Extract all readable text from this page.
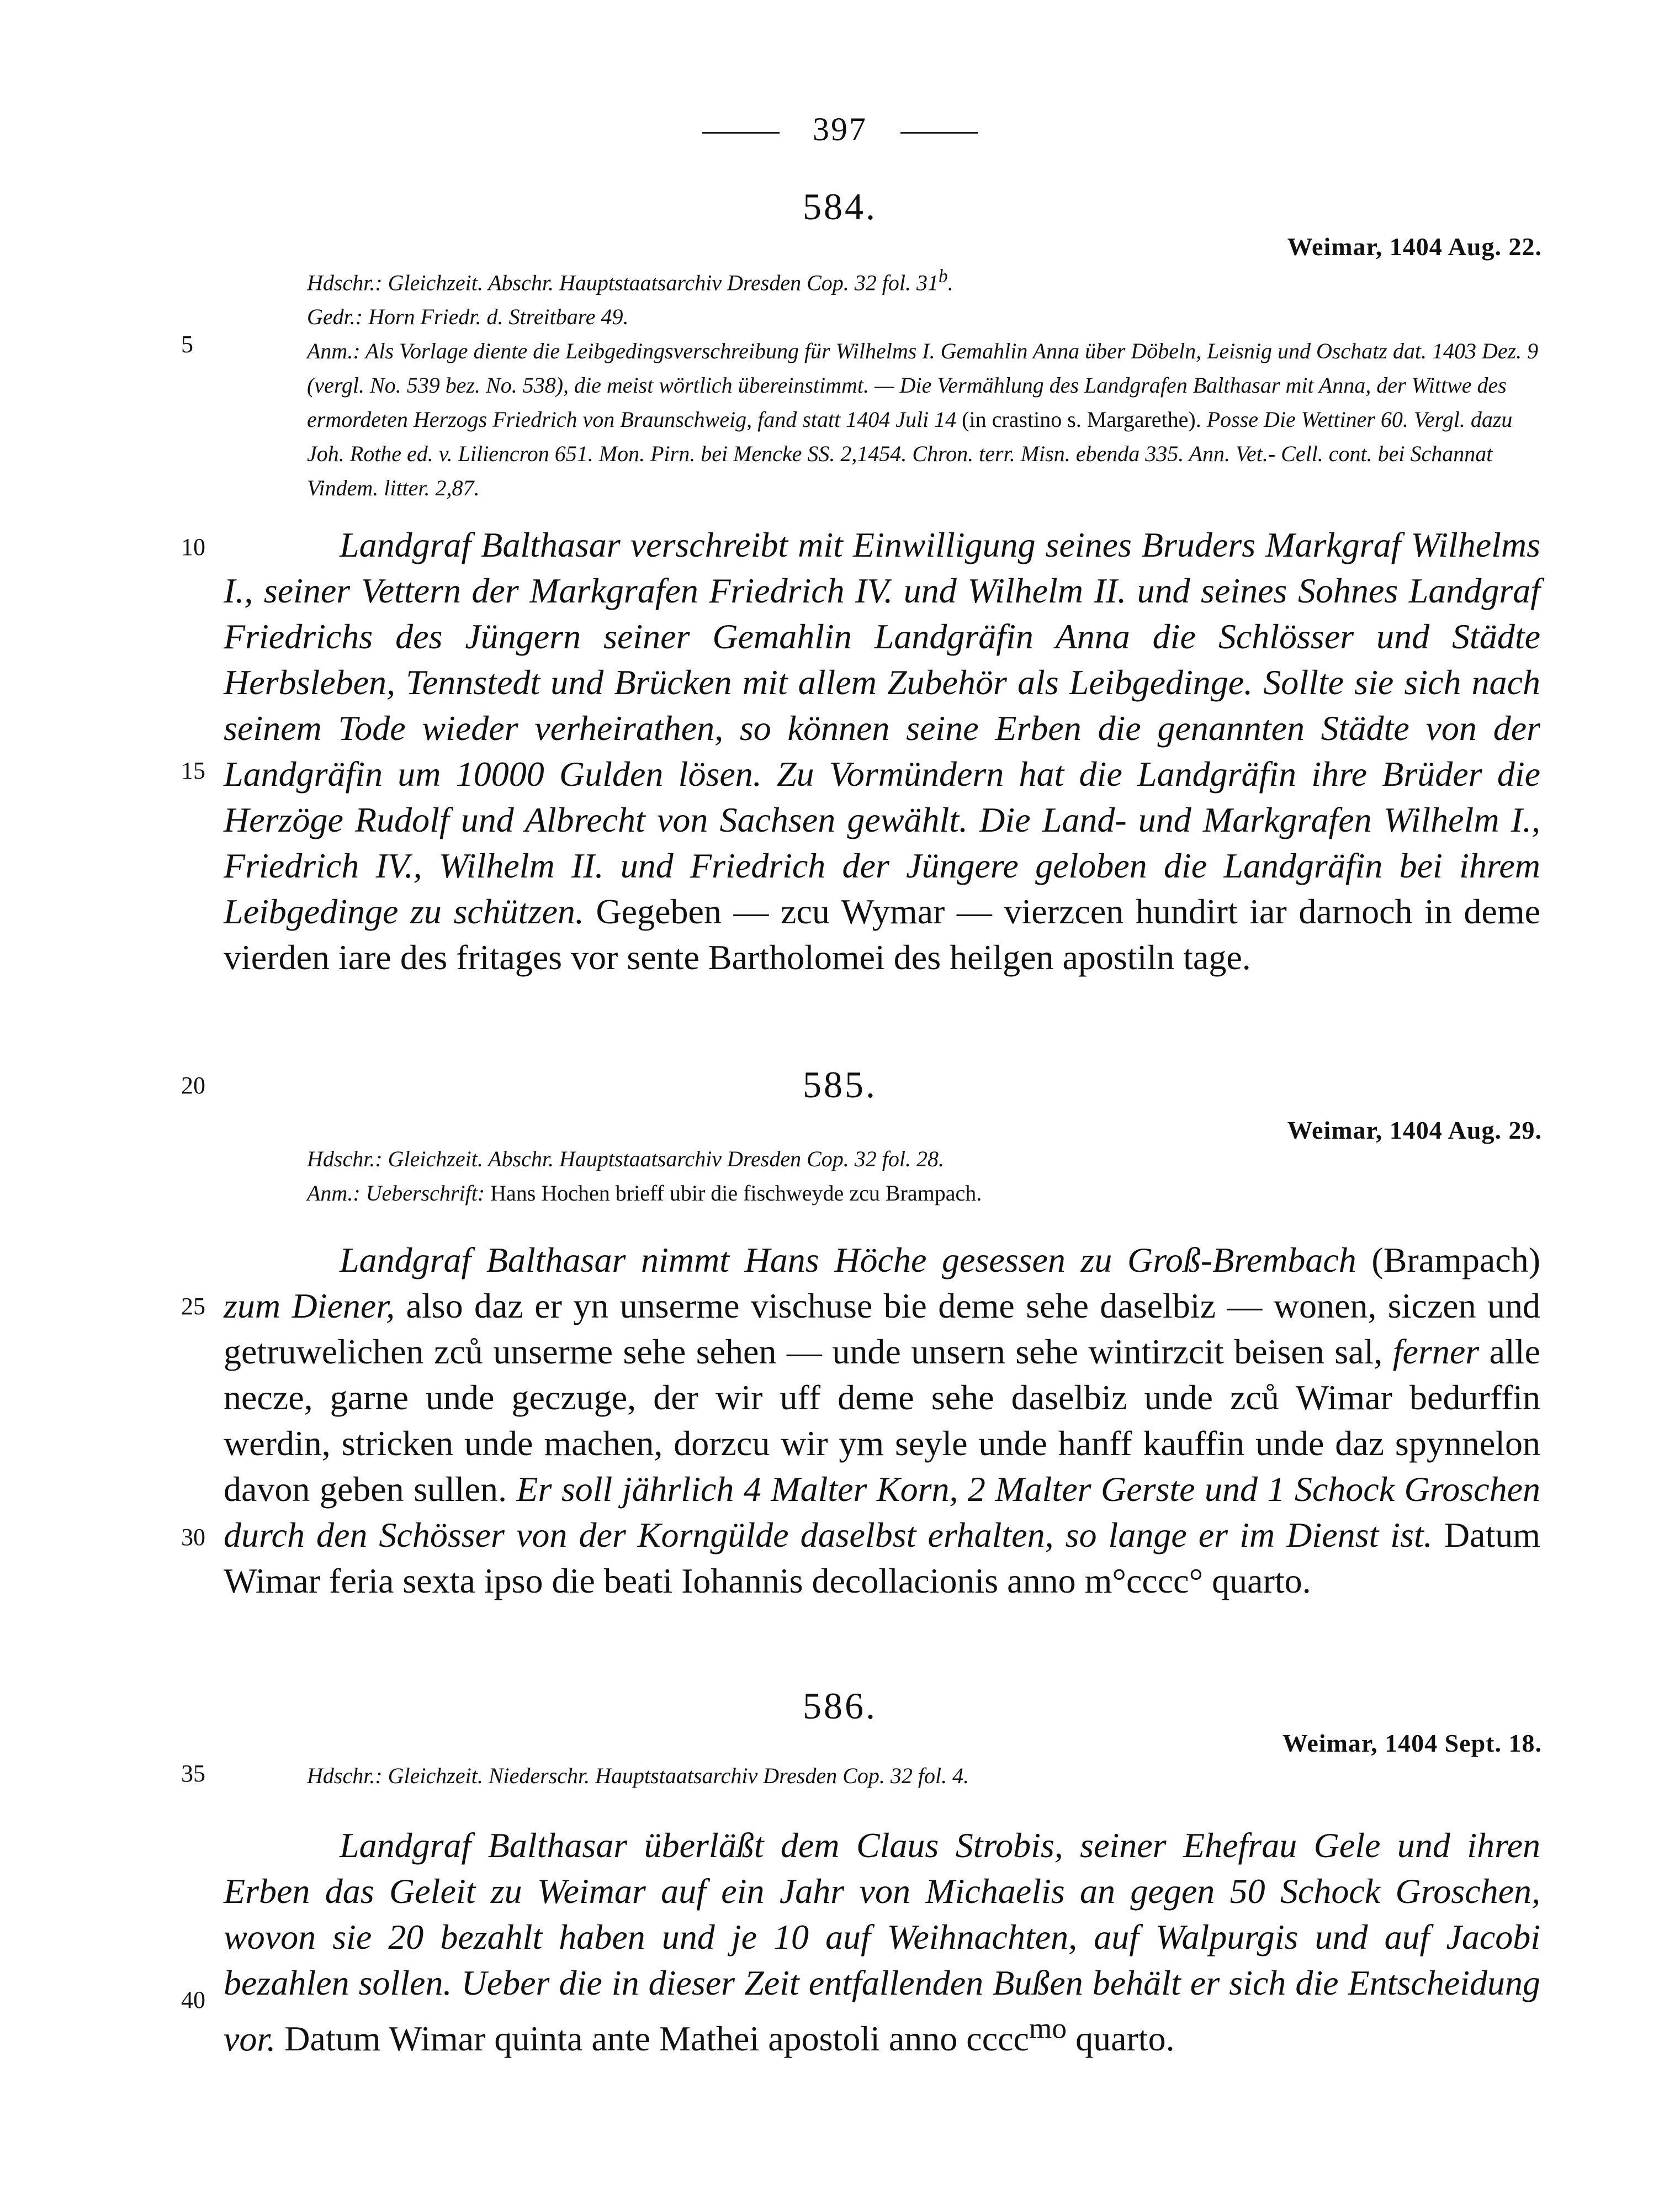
397
5
10
15
20
25
30
35
40
584.
Weimar, 1404 Aug. 22.
Hdschr.: Gleichzeit. Abschr. Hauptstaatsarchiv Dresden Cop. 32 fol. 31$^b$.
Gedr.: Horn Friedr. d. Streitbare 49.
Anm.: Als Vorlage diente die Leibgedingsverschreibung für Wilhelms I. Gemahlin Anna über Döbeln, Leisnig und Oschatz dat. 1403 Dez. 9 (vergl. No. 539 bez. No. 538), die meist wörtlich übereinstimmt. — Die Vermählung des Landgrafen Balthasar mit Anna, der Wittwe des ermordeten Herzogs Friedrich von Braunschweig, fand statt 1404 Juli 14 (in crastino s. Margarethe). Posse Die Wettiner 60. Vergl. dazu Joh. Rothe ed. v. Liliencron 651. Mon. Pirn. bei Mencke SS. 2,1454. Chron. terr. Misn. ebenda 335. Ann. Vet.- Cell. cont. bei Schannat Vindem. litter. 2,87.
Landgraf Balthasar verschreibt mit Einwilligung seines Bruders Markgraf Wilhelms I., seiner Vettern der Markgrafen Friedrich IV. und Wilhelm II. und seines Sohnes Landgraf Friedrichs des Jüngern seiner Gemahlin Landgräfin Anna die Schlösser und Städte Herbsleben, Tennstedt und Brücken mit allem Zubehör als Leibgedinge. Sollte sie sich nach seinem Tode wieder verheirathen, so können seine Erben die genannten Städte von der Landgräfin um 10000 Gulden lösen. Zu Vormündern hat die Landgräfin ihre Brüder die Herzöge Rudolf und Albrecht von Sachsen gewählt. Die Land- und Markgrafen Wilhelm I., Friedrich IV., Wilhelm II. und Friedrich der Jüngere geloben die Landgräfin bei ihrem Leibgedinge zu schützen. Gegeben — zcu Wymar — vierzcen hundirt iar darnoch in deme vierden iare des fritages vor sente Bartholomei des heilgen apostiln tage.
585.
Weimar, 1404 Aug. 29.
Hdschr.: Gleichzeit. Abschr. Hauptstaatsarchiv Dresden Cop. 32 fol. 28.
Anm.: Ueberschrift: Hans Hochen brieff ubir die fischweyde zcu Brampach.
Landgraf Balthasar nimmt Hans Höche gesessen zu Groß-Brembach (Brampach) zum Diener, also daz er yn unserme vischuse bie deme sehe daselbiz — wonen, siczen und getruwelichen zců unserme sehe sehen — unde unsern sehe wintirzcit beisen sal, ferner alle necze, garne unde geczuge, der wir uff deme sehe daselbiz unde zců Wimar bedurffin werdin, stricken unde machen, dorzcu wir ym seyle unde hanff kauffin unde daz spynnelon davon geben sullen. Er soll jährlich 4 Malter Korn, 2 Malter Gerste und 1 Schock Groschen durch den Schösser von der Korngülde daselbst erhalten, so lange er im Dienst ist. Datum Wimar feria sexta ipso die beati Iohannis decollacionis anno m°cccc° quarto.
586.
Weimar, 1404 Sept. 18.
Hdschr.: Gleichzeit. Niederschr. Hauptstaatsarchiv Dresden Cop. 32 fol. 4.
Landgraf Balthasar überläßt dem Claus Strobis, seiner Ehefrau Gele und ihren Erben das Geleit zu Weimar auf ein Jahr von Michaelis an gegen 50 Schock Groschen, wovon sie 20 bezahlt haben und je 10 auf Weihnachten, auf Walpurgis und auf Jacobi bezahlen sollen. Ueber die in dieser Zeit entfallenden Bußen behält er sich die Entscheidung vor. Datum Wimar quinta ante Mathei apostoli anno cccc$^{mo}$ quarto.
